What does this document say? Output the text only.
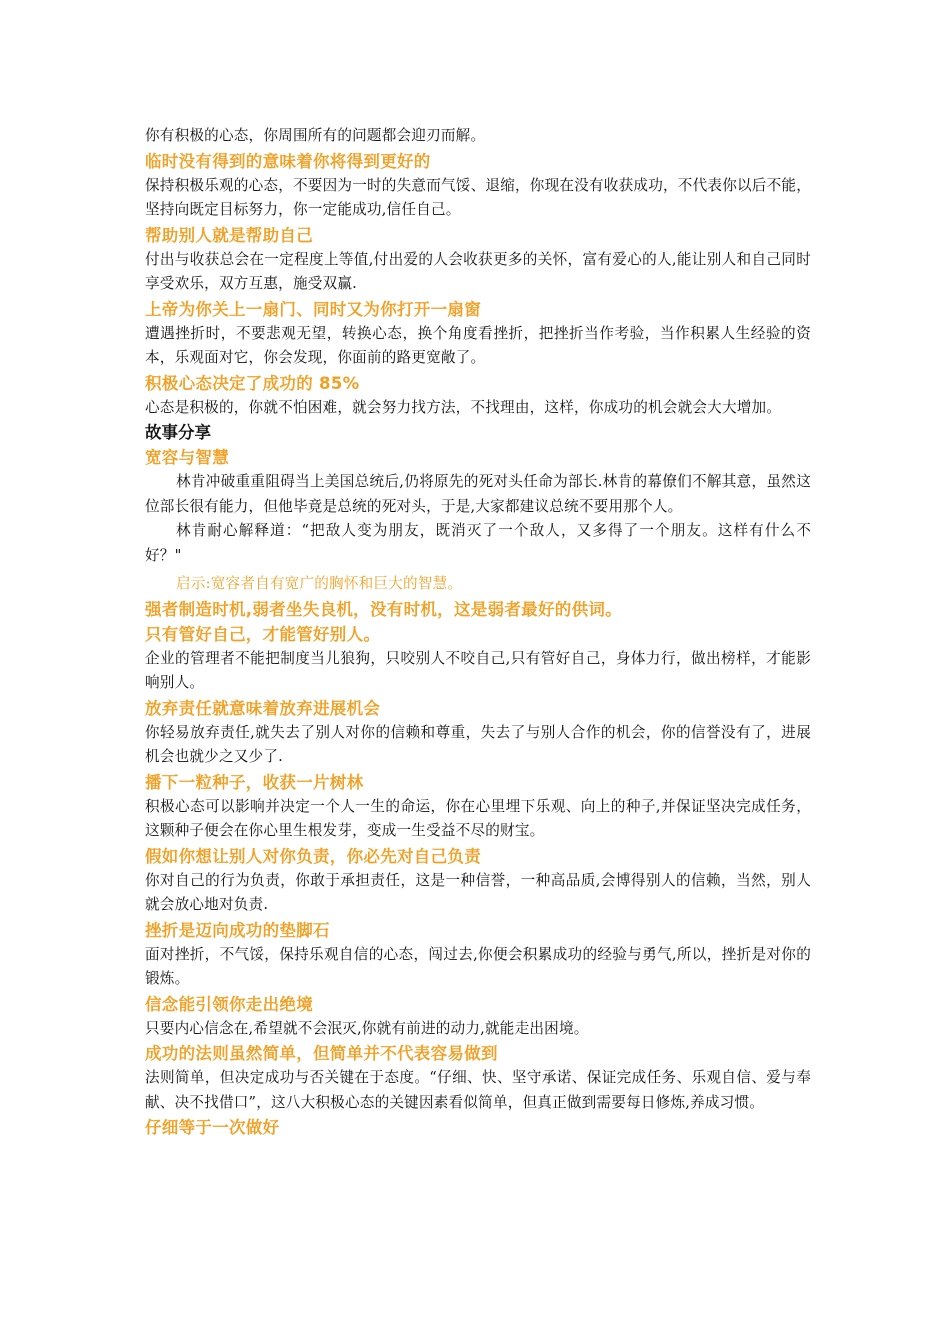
你有积极的心态，你周围所有的问题都会迎刃而解。

临时没有得到的意味着你将得到更好的

保持积极乐观的心态，不要因为一时的失意而气馁、退缩，你现在没有收获成功，不代表你以后不能，坚持向既定目标努力，你一定能成功,信任自己。

帮助别人就是帮助自己

付出与收获总会在一定程度上等值,付出爱的人会收获更多的关怀，富有爱心的人,能让别人和自己同时享受欢乐，双方互惠，施受双赢.

上帝为你关上一扇门、同时又为你打开一扇窗

遭遇挫折时，不要悲观无望，转换心态，换个角度看挫折，把挫折当作考验，当作积累人生经验的资本，乐观面对它，你会发现，你面前的路更宽敞了。

积极心态决定了成功的 85%

心态是积极的，你就不怕困难，就会努力找方法，不找理由，这样，你成功的机会就会大大增加。

故事分享

宽容与智慧

林肯冲破重重阻碍当上美国总统后,仍将原先的死对头任命为部长.林肯的幕僚们不解其意，虽然这位部长很有能力，但他毕竟是总统的死对头，于是,大家都建议总统不要用那个人。

林肯耐心解释道：“把敌人变为朋友，既消灭了一个敌人，又多得了一个朋友。这样有什么不好？"

启示:宽容者自有宽广的胸怀和巨大的智慧。

强者制造时机,弱者坐失良机，没有时机，这是弱者最好的供词。

只有管好自己，才能管好别人。

企业的管理者不能把制度当儿狼狗，只咬别人不咬自己,只有管好自己，身体力行，做出榜样，才能影响别人。

放弃责任就意味着放弃进展机会

你轻易放弃责任,就失去了别人对你的信赖和尊重，失去了与别人合作的机会，你的信誉没有了，进展机会也就少之又少了.

播下一粒种子，收获一片树林

积极心态可以影响并决定一个人一生的命运，你在心里埋下乐观、向上的种子,并保证坚决完成任务，这颗种子便会在你心里生根发芽，变成一生受益不尽的财宝。

假如你想让别人对你负责，你必先对自己负责

你对自己的行为负责，你敢于承担责任，这是一种信誉，一种高品质,会博得别人的信赖，当然，别人就会放心地对负责.

挫折是迈向成功的垫脚石

面对挫折，不气馁，保持乐观自信的心态，闯过去,你便会积累成功的经验与勇气,所以，挫折是对你的锻炼。

信念能引领你走出绝境

只要内心信念在,希望就不会泯灭,你就有前进的动力,就能走出困境。

成功的法则虽然简单，但简单并不代表容易做到

法则简单，但决定成功与否关键在于态度。“仔细、快、坚守承诺、保证完成任务、乐观自信、爱与奉献、决不找借口”，这八大积极心态的关键因素看似简单，但真正做到需要每日修炼,养成习惯。

仔细等于一次做好
